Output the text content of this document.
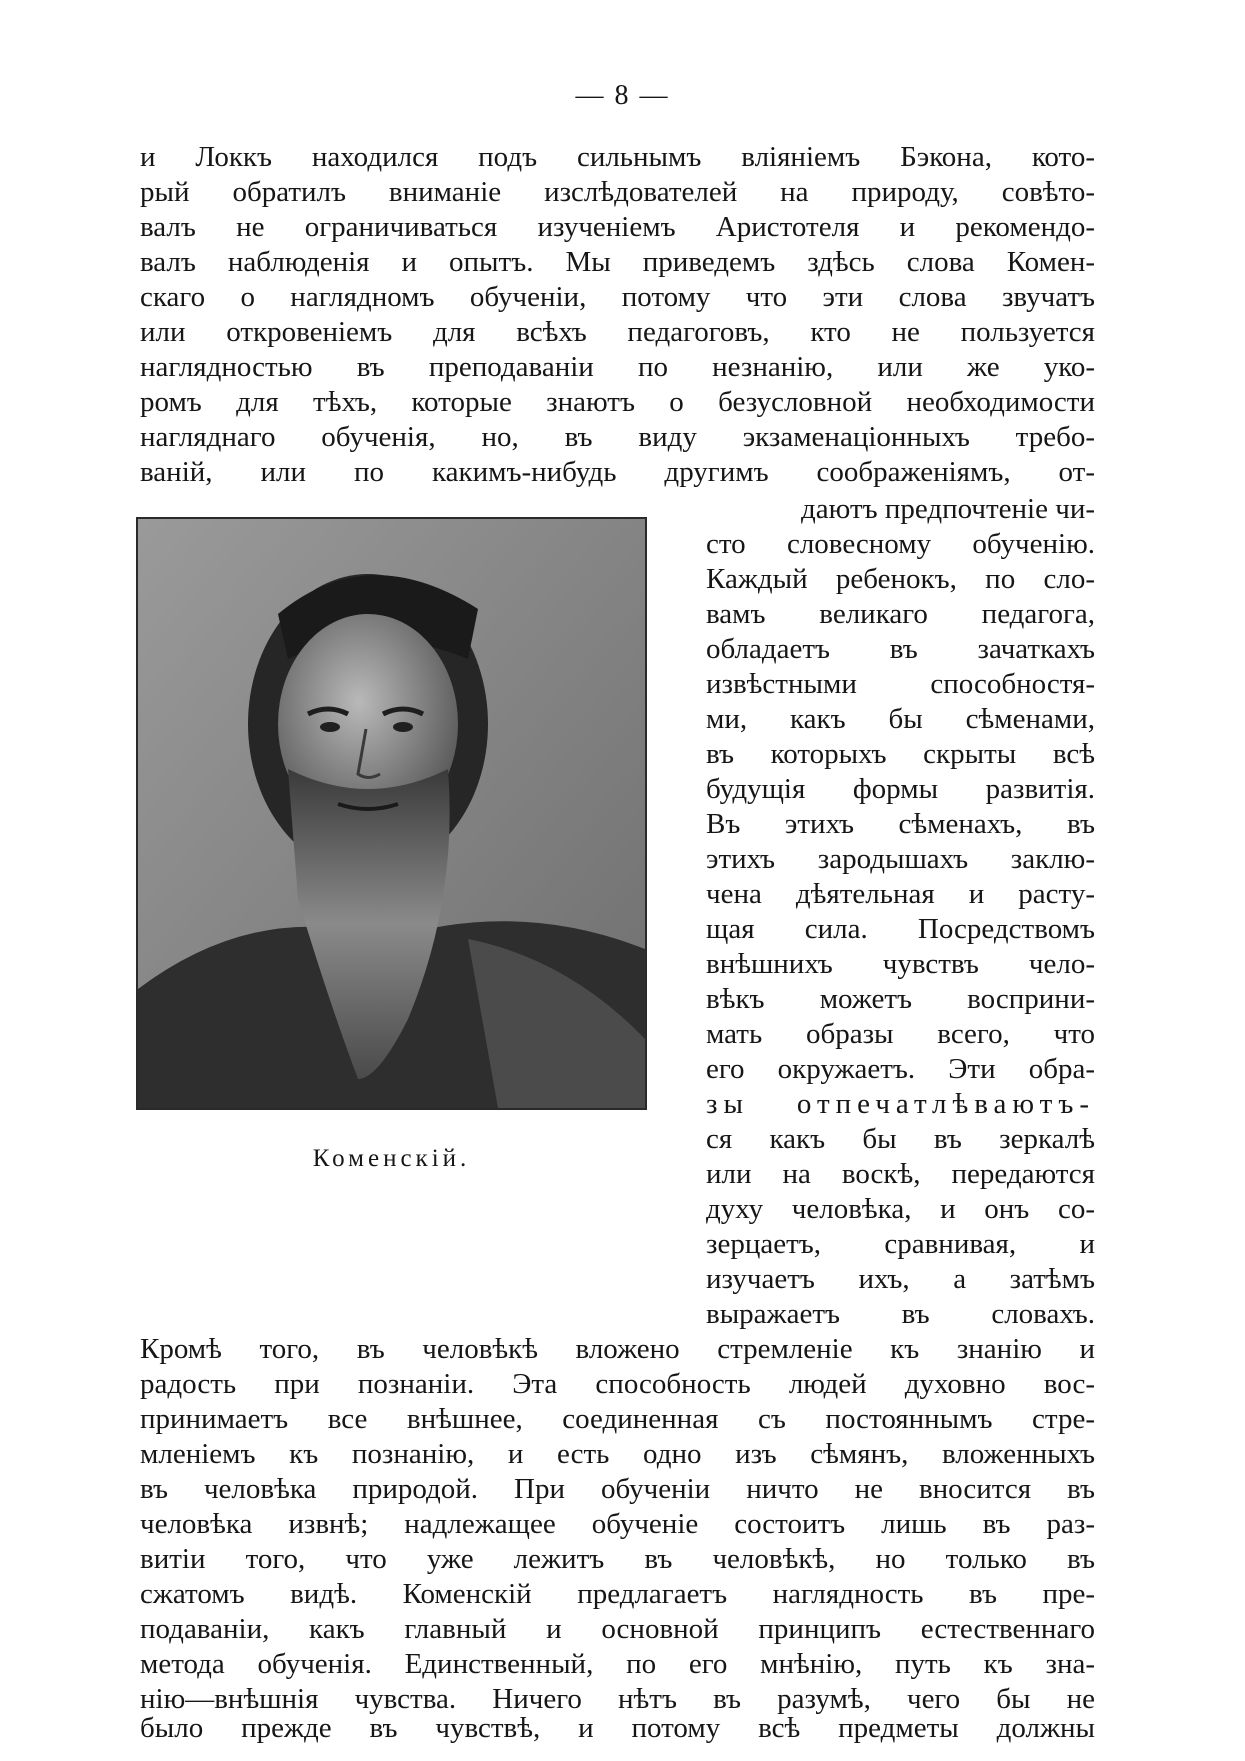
— 8 —
и Локкъ находился подъ сильнымъ вліяніемъ Бэкона, кото-
рый обратилъ вниманіе изслѣдователей на природу, совѣто-
валъ не ограничиваться изученіемъ Аристотеля и рекомендо-
валъ наблюденія и опытъ. Мы приведемъ здѣсь слова Комен-
скаго о наглядномъ обученіи, потому что эти слова звучатъ
или откровеніемъ для всѣхъ педагоговъ, кто не пользуется
наглядностью въ преподаваніи по незнанію, или же уко-
ромъ для тѣхъ, которые знаютъ о безусловной необходимости
нагляднаго обученія, но, въ виду экзаменаціонныхъ требо-
ваній, или по какимъ-нибудь другимъ соображеніямъ, от-
даютъ предпочтеніе чи-
сто словесному обученію.
Каждый ребенокъ, по сло-
вамъ великаго педагога,
обладаетъ въ зачаткахъ
извѣстными способностя-
ми, какъ бы сѣменами,
въ которыхъ скрыты всѣ
будущія формы развитія.
Въ этихъ сѣменахъ, въ
этихъ зародышахъ заклю-
чена дѣятельная и расту-
щая сила. Посредствомъ
внѣшнихъ чувствъ чело-
вѣкъ можетъ восприни-
мать образы всего, что
его окружаетъ. Эти обра-
зы отпечатлѣваютъ-
ся какъ бы въ зеркалѣ
или на воскѣ, передаются
духу человѣка, и онъ со-
зерцаетъ, сравнивая, и
изучаетъ ихъ, а затѣмъ
выражаетъ въ словахъ.
Коменскій.
Кромѣ того, въ человѣкѣ вложено стремленіе къ знанію и
радость при познаніи. Эта способность людей духовно вос-
принимаетъ все внѣшнее, соединенная съ постояннымъ стре-
мленіемъ къ познанію, и есть одно изъ сѣмянъ, вложенныхъ
въ человѣка природой. При обученіи ничто не вносится въ
человѣка извнѣ; надлежащее обученіе состоитъ лишь въ раз-
витіи того, что уже лежитъ въ человѣкѣ, но только въ
сжатомъ видѣ. Коменскій предлагаетъ наглядность въ пре-
подаваніи, какъ главный и основной принципъ естественнаго
метода обученія. Единственный, по его мнѣнію, путь къ зна-
нію—внѣшнія чувства. Ничего нѣтъ въ разумѣ, чего бы не
было прежде въ чувствѣ, и потому всѣ предметы должны
